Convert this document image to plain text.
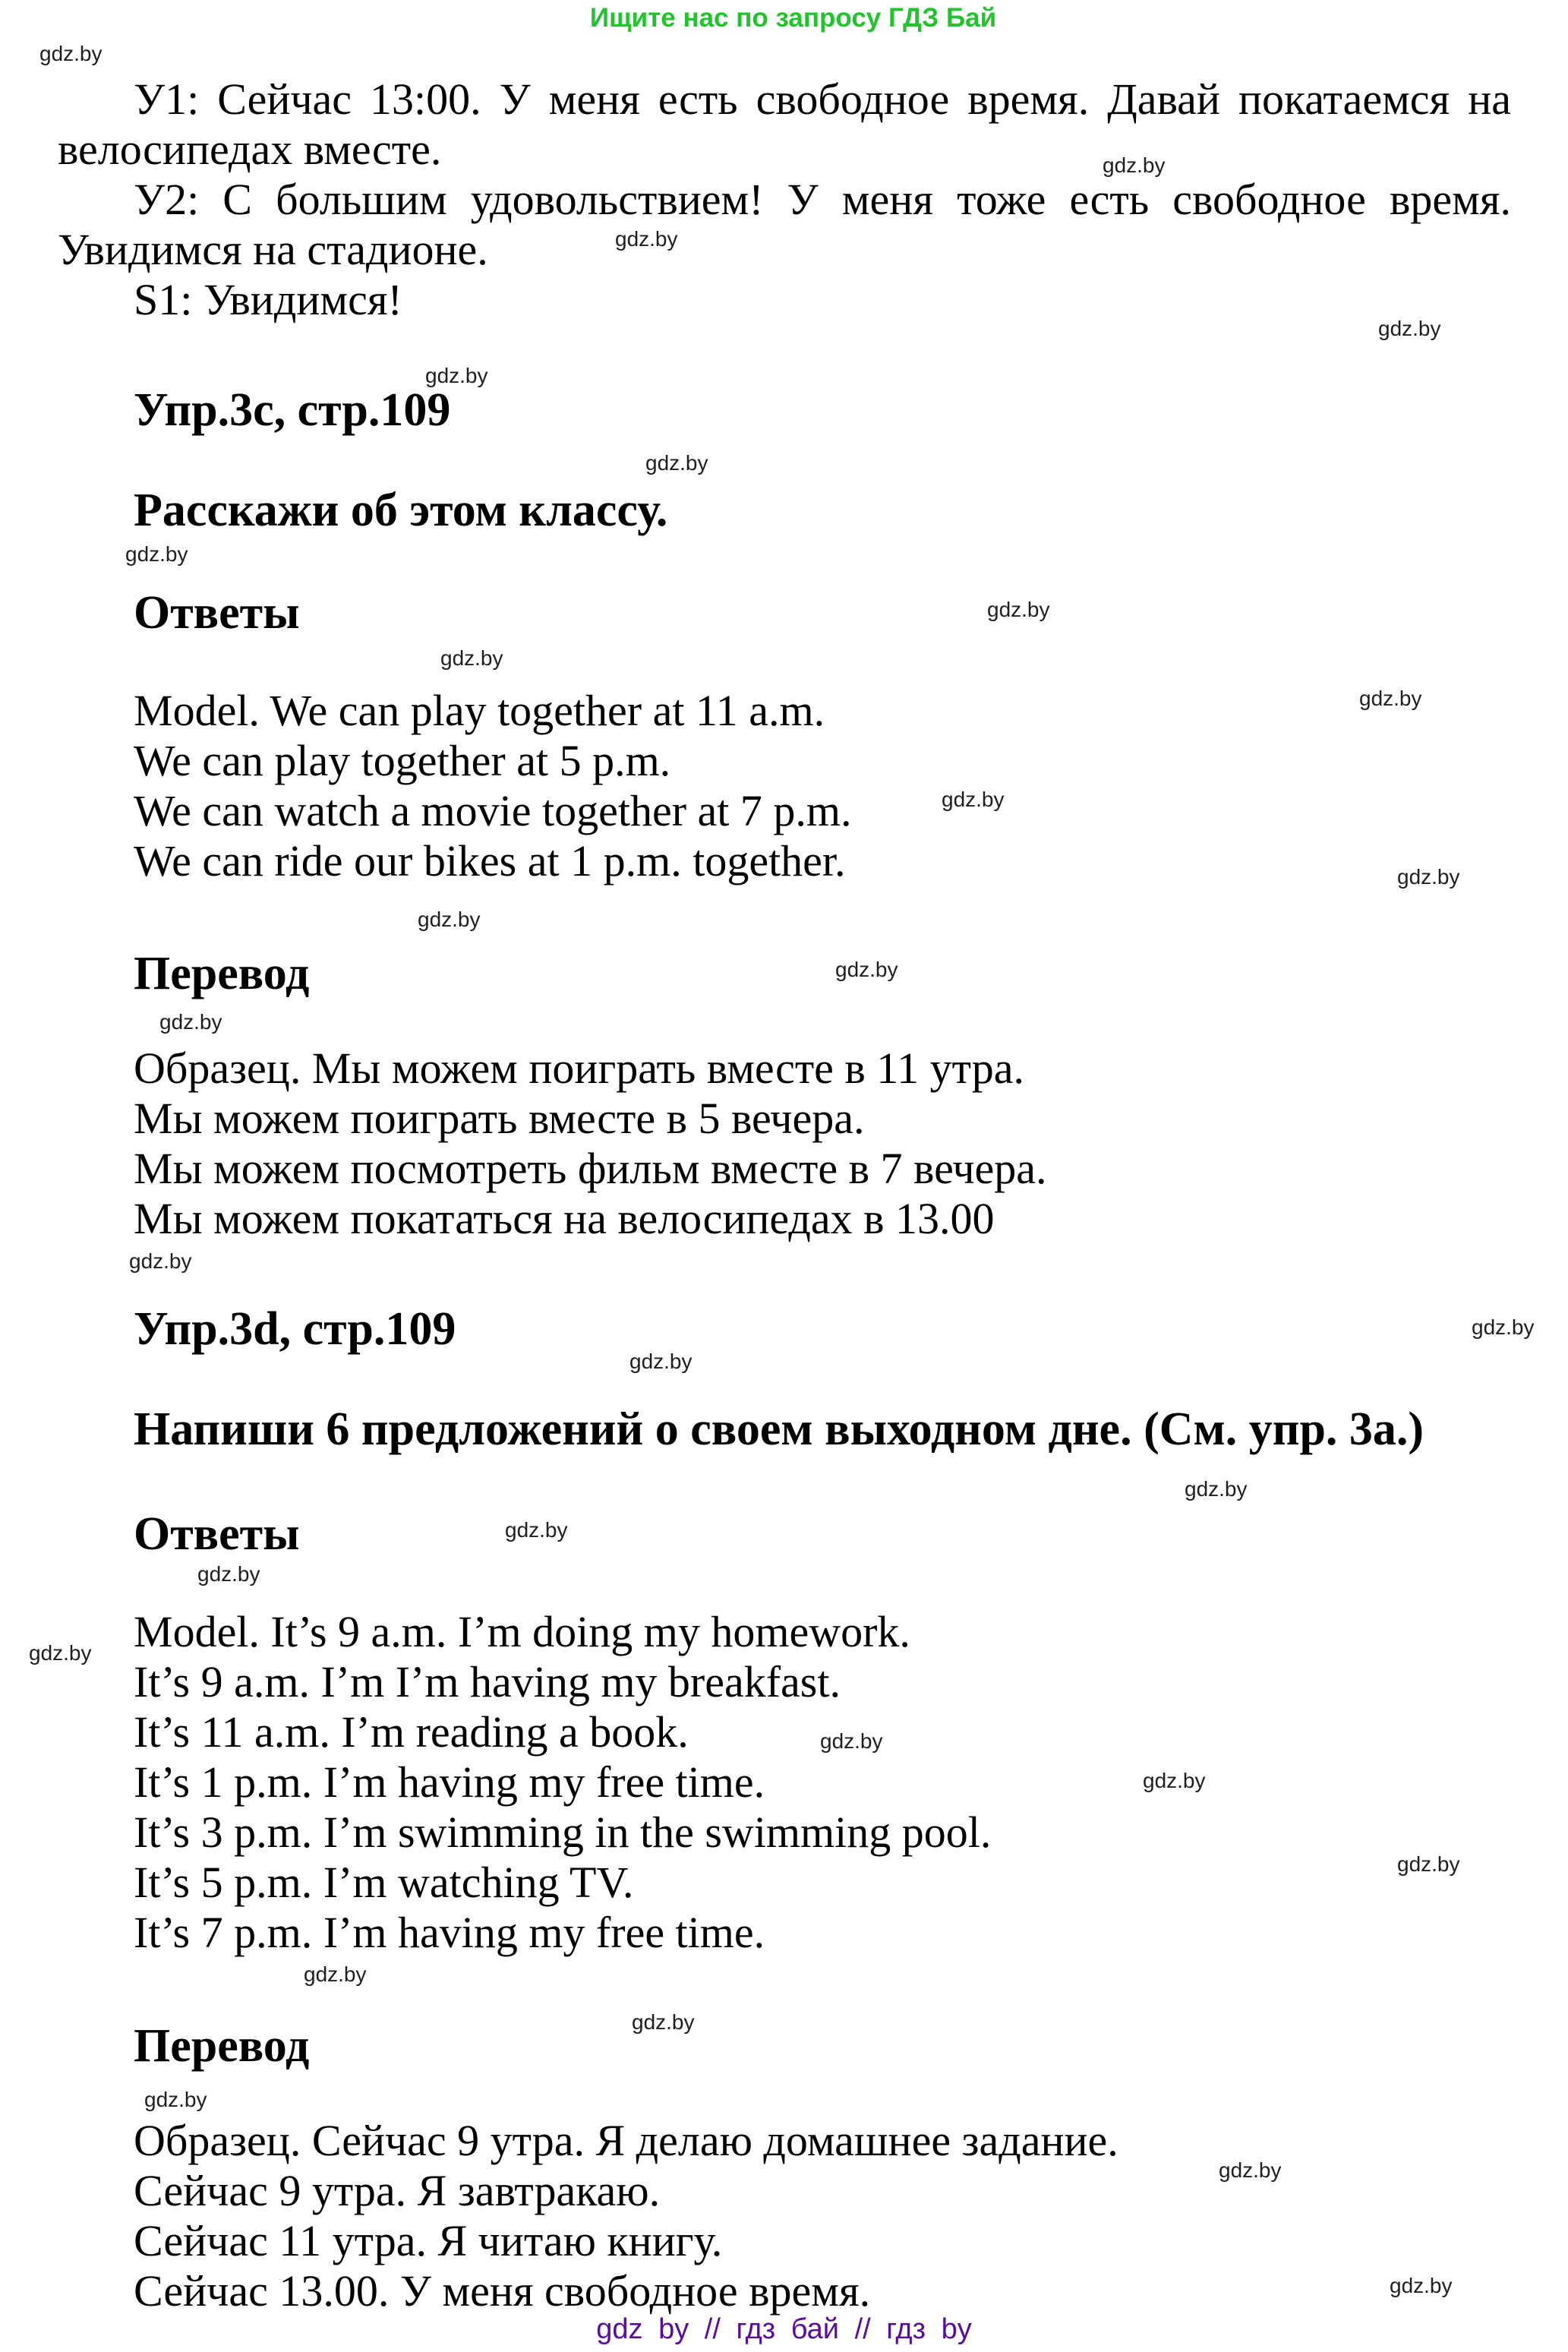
Ищите нас по запросу ГДЗ Бай

У1: Сейчас 13:00. У меня есть свободное время. Давай покатаемся на

велосипедах вместе.

У2: С большим удовольствием! У меня тоже есть свободное время.

Увидимся на стадионе.

S1: Увидимся!

Упр.3c, стр.109

Расскажи об этом классу.

Ответы

Model. We can play together at 11 a.m.

We can play together at 5 p.m.

We can watch a movie together at 7 p.m.

We can ride our bikes at 1 p.m. together.

Перевод

Образец. Мы можем поиграть вместе в 11 утра.

Мы можем поиграть вместе в 5 вечера.

Мы можем посмотреть фильм вместе в 7 вечера.

Мы можем покататься на велосипедах в 13.00

Упр.3d, стр.109

Напиши 6 предложений о своем выходном дне. (См. упр. 3а.)

Ответы

Model. It’s 9 a.m. I’m doing my homework.

It’s 9 a.m. I’m I’m having my breakfast.

It’s 11 a.m. I’m reading a book.

It’s 1 p.m. I’m having my free time.

It’s 3 p.m. I’m swimming in the swimming pool.

It’s 5 p.m. I’m watching TV.

It’s 7 p.m. I’m having my free time.

Перевод

Образец. Сейчас 9 утра. Я делаю домашнее задание.

Сейчас 9 утра. Я завтракаю.

Сейчас 11 утра. Я читаю книгу.

Сейчас 13.00. У меня свободное время.

gdz.by
gdz.by
gdz.by
gdz.by
gdz.by
gdz.by
gdz.by
gdz.by
gdz.by
gdz.by
gdz.by
gdz.by
gdz.by
gdz.by
gdz.by
gdz.by
gdz.by
gdz.by
gdz.by
gdz.by
gdz.by
gdz.by
gdz.by
gdz.by
gdz.by
gdz.by
gdz.by
gdz.by
gdz.by
gdz.by
gdz by // гдз бай // гдз by
